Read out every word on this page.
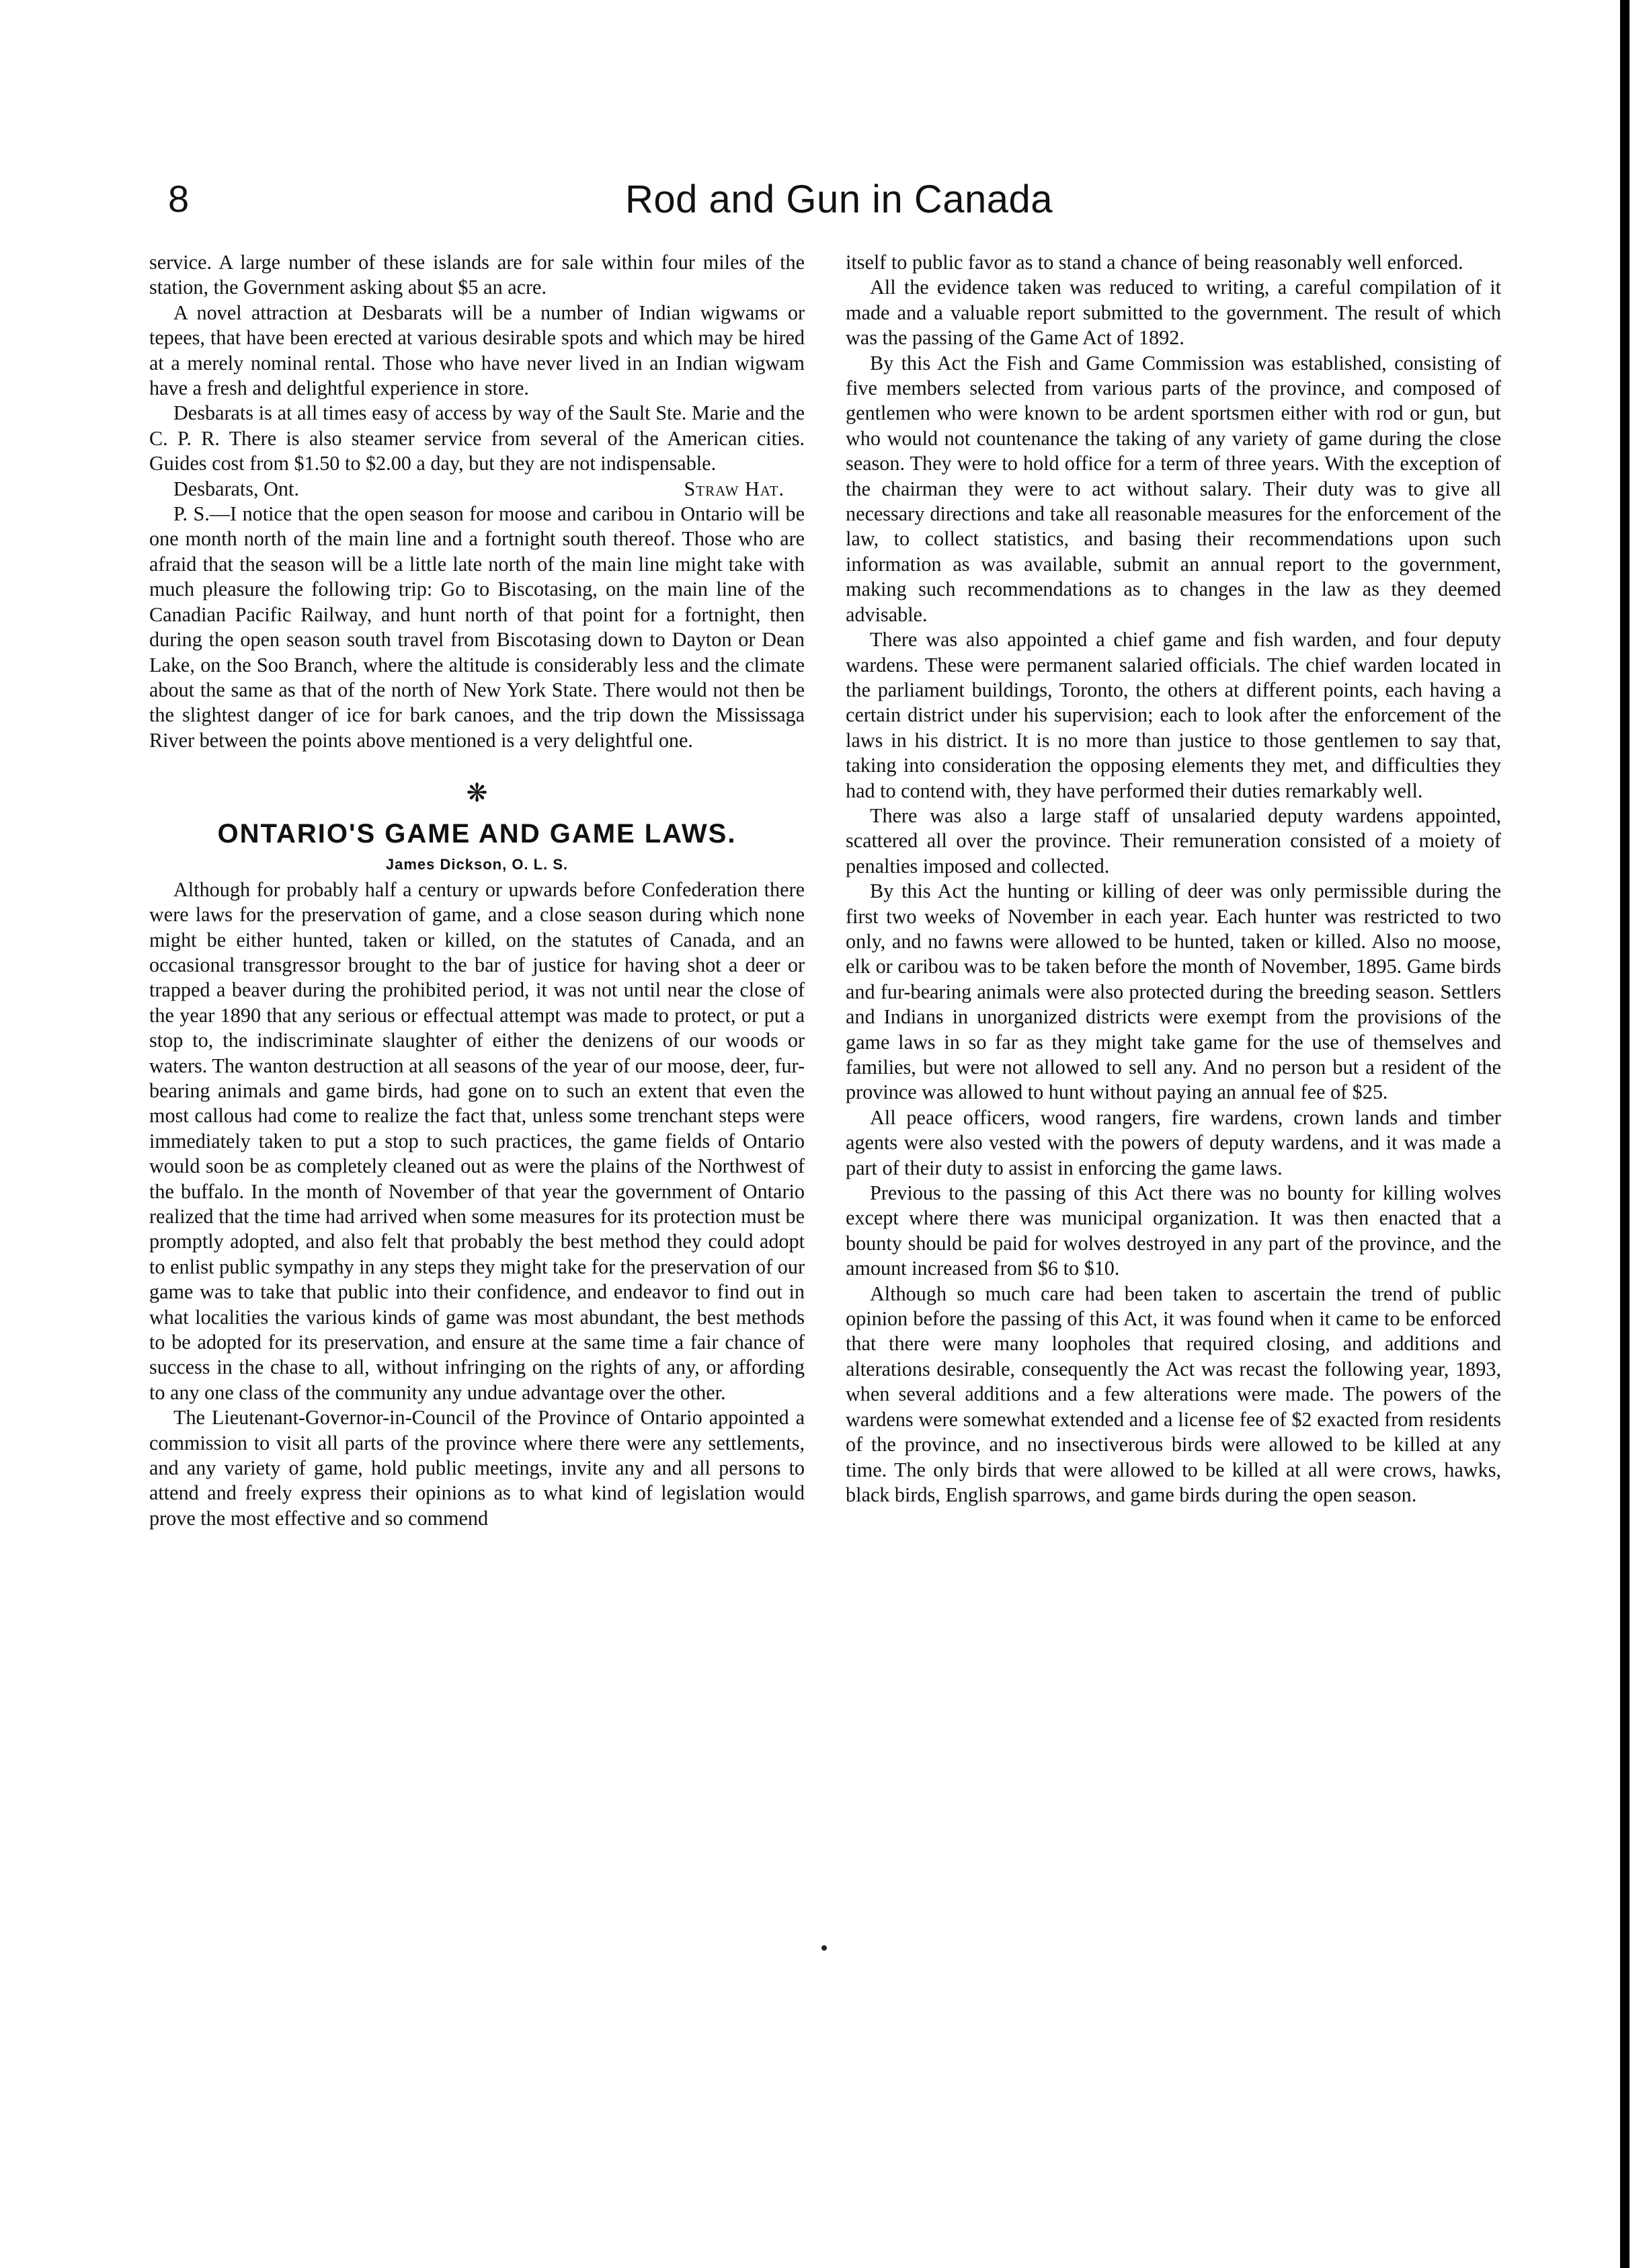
8	Rod and Gun in Canada

service. A large number of these islands are for sale within four miles of the station, the Government asking about $5 an acre.

A novel attraction at Desbarats will be a number of Indian wigwams or tepees, that have been erected at various desirable spots and which may be hired at a merely nominal rental. Those who have never lived in an Indian wigwam have a fresh and delightful experience in store.

Desbarats is at all times easy of access by way of the Sault Ste. Marie and the C. P. R. There is also steamer service from several of the American cities. Guides cost from $1.50 to $2.00 a day, but they are not indispensable.

Desbarats, Ont.	Straw Hat.

P. S.—I notice that the open season for moose and caribou in Ontario will be one month north of the main line and a fortnight south thereof. Those who are afraid that the season will be a little late north of the main line might take with much pleasure the following trip: Go to Biscotasing, on the main line of the Canadian Pacific Railway, and hunt north of that point for a fortnight, then during the open season south travel from Biscotasing down to Dayton or Dean Lake, on the Soo Branch, where the altitude is considerably less and the climate about the same as that of the north of New York State. There would not then be the slightest danger of ice for bark canoes, and the trip down the Mississaga River between the points above mentioned is a very delightful one.

❋
ONTARIO'S GAME AND GAME LAWS.
James Dickson, O. L. S.

Although for probably half a century or upwards before Confederation there were laws for the preservation of game, and a close season during which none might be either hunted, taken or killed, on the statutes of Canada, and an occasional transgressor brought to the bar of justice for having shot a deer or trapped a beaver during the prohibited period, it was not until near the close of the year 1890 that any serious or effectual attempt was made to protect, or put a stop to, the indiscriminate slaughter of either the denizens of our woods or waters. The wanton destruction at all seasons of the year of our moose, deer, fur-bearing animals and game birds, had gone on to such an extent that even the most callous had come to realize the fact that, unless some trenchant steps were immediately taken to put a stop to such practices, the game fields of Ontario would soon be as completely cleaned out as were the plains of the Northwest of the buffalo. In the month of November of that year the government of Ontario realized that the time had arrived when some measures for its protection must be promptly adopted, and also felt that probably the best method they could adopt to enlist public sympathy in any steps they might take for the preservation of our game was to take that public into their confidence, and endeavor to find out in what localities the various kinds of game was most abundant, the best methods to be adopted for its preservation, and ensure at the same time a fair chance of success in the chase to all, without infringing on the rights of any, or affording to any one class of the community any undue advantage over the other.

The Lieutenant-Governor-in-Council of the Province of Ontario appointed a commission to visit all parts of the province where there were any settlements, and any variety of game, hold public meetings, invite any and all persons to attend and freely express their opinions as to what kind of legislation would prove the most effective and so commend

itself to public favor as to stand a chance of being reasonably well enforced.

All the evidence taken was reduced to writing, a careful compilation of it made and a valuable report submitted to the government. The result of which was the passing of the Game Act of 1892.

By this Act the Fish and Game Commission was established, consisting of five members selected from various parts of the province, and composed of gentlemen who were known to be ardent sportsmen either with rod or gun, but who would not countenance the taking of any variety of game during the close season. They were to hold office for a term of three years. With the exception of the chairman they were to act without salary. Their duty was to give all necessary directions and take all reasonable measures for the enforcement of the law, to collect statistics, and basing their recommendations upon such information as was available, submit an annual report to the government, making such recommendations as to changes in the law as they deemed advisable.

There was also appointed a chief game and fish warden, and four deputy wardens. These were permanent salaried officials. The chief warden located in the parliament buildings, Toronto, the others at different points, each having a certain district under his supervision; each to look after the enforcement of the laws in his district. It is no more than justice to those gentlemen to say that, taking into consideration the opposing elements they met, and difficulties they had to contend with, they have performed their duties remarkably well.

There was also a large staff of unsalaried deputy wardens appointed, scattered all over the province. Their remuneration consisted of a moiety of penalties imposed and collected.

By this Act the hunting or killing of deer was only permissible during the first two weeks of November in each year. Each hunter was restricted to two only, and no fawns were allowed to be hunted, taken or killed. Also no moose, elk or caribou was to be taken before the month of November, 1895. Game birds and fur-bearing animals were also protected during the breeding season. Settlers and Indians in unorganized districts were exempt from the provisions of the game laws in so far as they might take game for the use of themselves and families, but were not allowed to sell any. And no person but a resident of the province was allowed to hunt without paying an annual fee of $25.

All peace officers, wood rangers, fire wardens, crown lands and timber agents were also vested with the powers of deputy wardens, and it was made a part of their duty to assist in enforcing the game laws.

Previous to the passing of this Act there was no bounty for killing wolves except where there was municipal organization. It was then enacted that a bounty should be paid for wolves destroyed in any part of the province, and the amount increased from $6 to $10.

Although so much care had been taken to ascertain the trend of public opinion before the passing of this Act, it was found when it came to be enforced that there were many loopholes that required closing, and additions and alterations desirable, consequently the Act was recast the following year, 1893, when several additions and a few alterations were made. The powers of the wardens were somewhat extended and a license fee of $2 exacted from residents of the province, and no insectiverous birds were allowed to be killed at any time. The only birds that were allowed to be killed at all were crows, hawks, black birds, English sparrows, and game birds during the open season.
